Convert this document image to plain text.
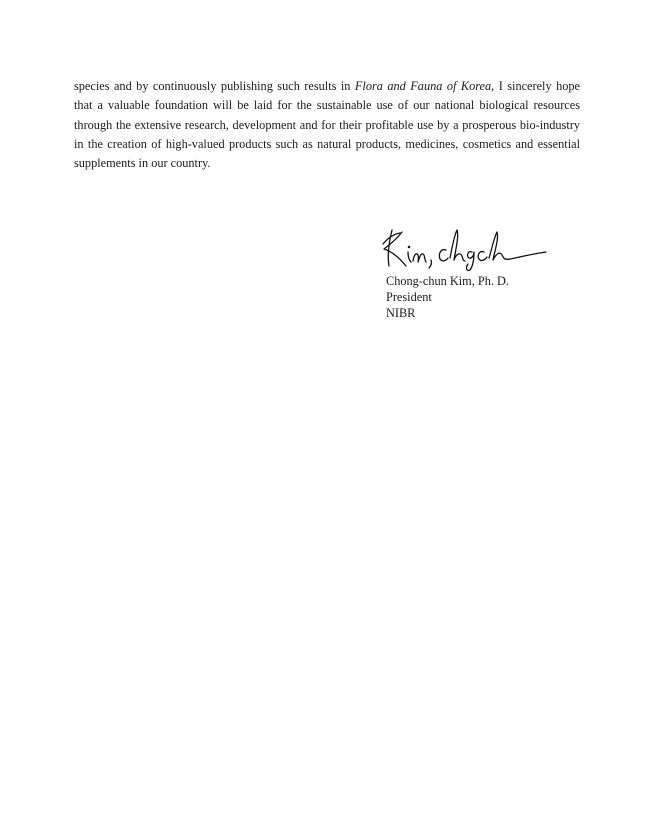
species and by continuously publishing such results in Flora and Fauna of Korea, I sincerely hope that a valuable foundation will be laid for the sustainable use of our national biological resources through the extensive research, development and for their profitable use by a prosperous bio-industry in the creation of high-valued products such as natural products, medicines, cosmetics and essential supplements in our country.

Chong-chun Kim, Ph. D.
President
NIBR
